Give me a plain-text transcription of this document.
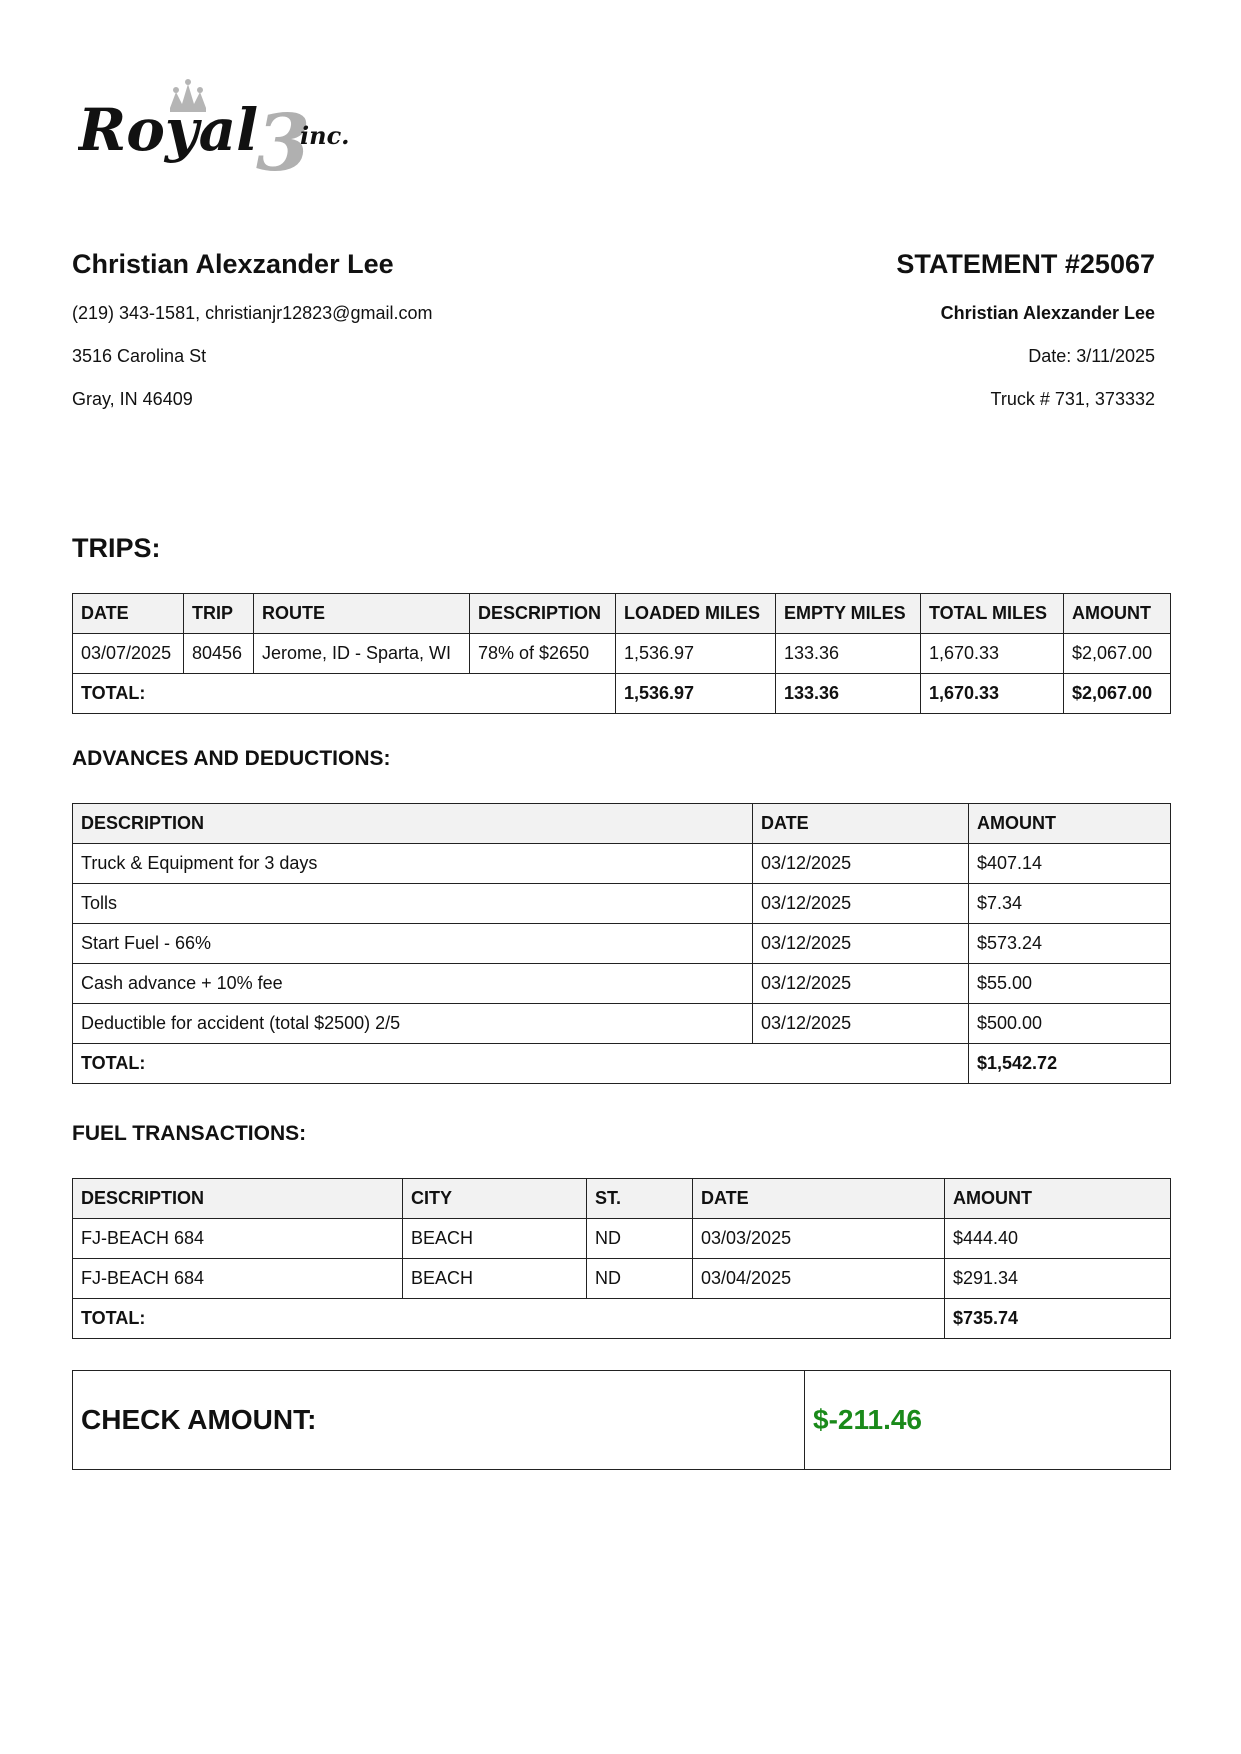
Royal
3
inc.
Christian Alexzander Lee
(219) 343-1581, christianjr12823@gmail.com
3516 Carolina St
Gray, IN 46409
STATEMENT #25067
Christian Alexzander Lee
Date: 3/11/2025
Truck # 731, 373332
TRIPS:
DATE	TRIP	ROUTE	DESCRIPTION	LOADED MILES	EMPTY MILES	TOTAL MILES	AMOUNT
03/07/2025	80456	Jerome, ID - Sparta, WI	78% of $2650	1,536.97	133.36	1,670.33	$2,067.00
TOTAL:				1,536.97	133.36	1,670.33	$2,067.00
ADVANCES AND DEDUCTIONS:
DESCRIPTION	DATE	AMOUNT
Truck & Equipment for 3 days	03/12/2025	$407.14
Tolls	03/12/2025	$7.34
Start Fuel - 66%	03/12/2025	$573.24
Cash advance + 10% fee	03/12/2025	$55.00
Deductible for accident (total $2500) 2/5	03/12/2025	$500.00
TOTAL:		$1,542.72
FUEL TRANSACTIONS:
DESCRIPTION	CITY	ST.	DATE	AMOUNT
FJ-BEACH 684	BEACH	ND	03/03/2025	$444.40
FJ-BEACH 684	BEACH	ND	03/04/2025	$291.34
TOTAL:				$735.74
CHECK AMOUNT:	$-211.46
